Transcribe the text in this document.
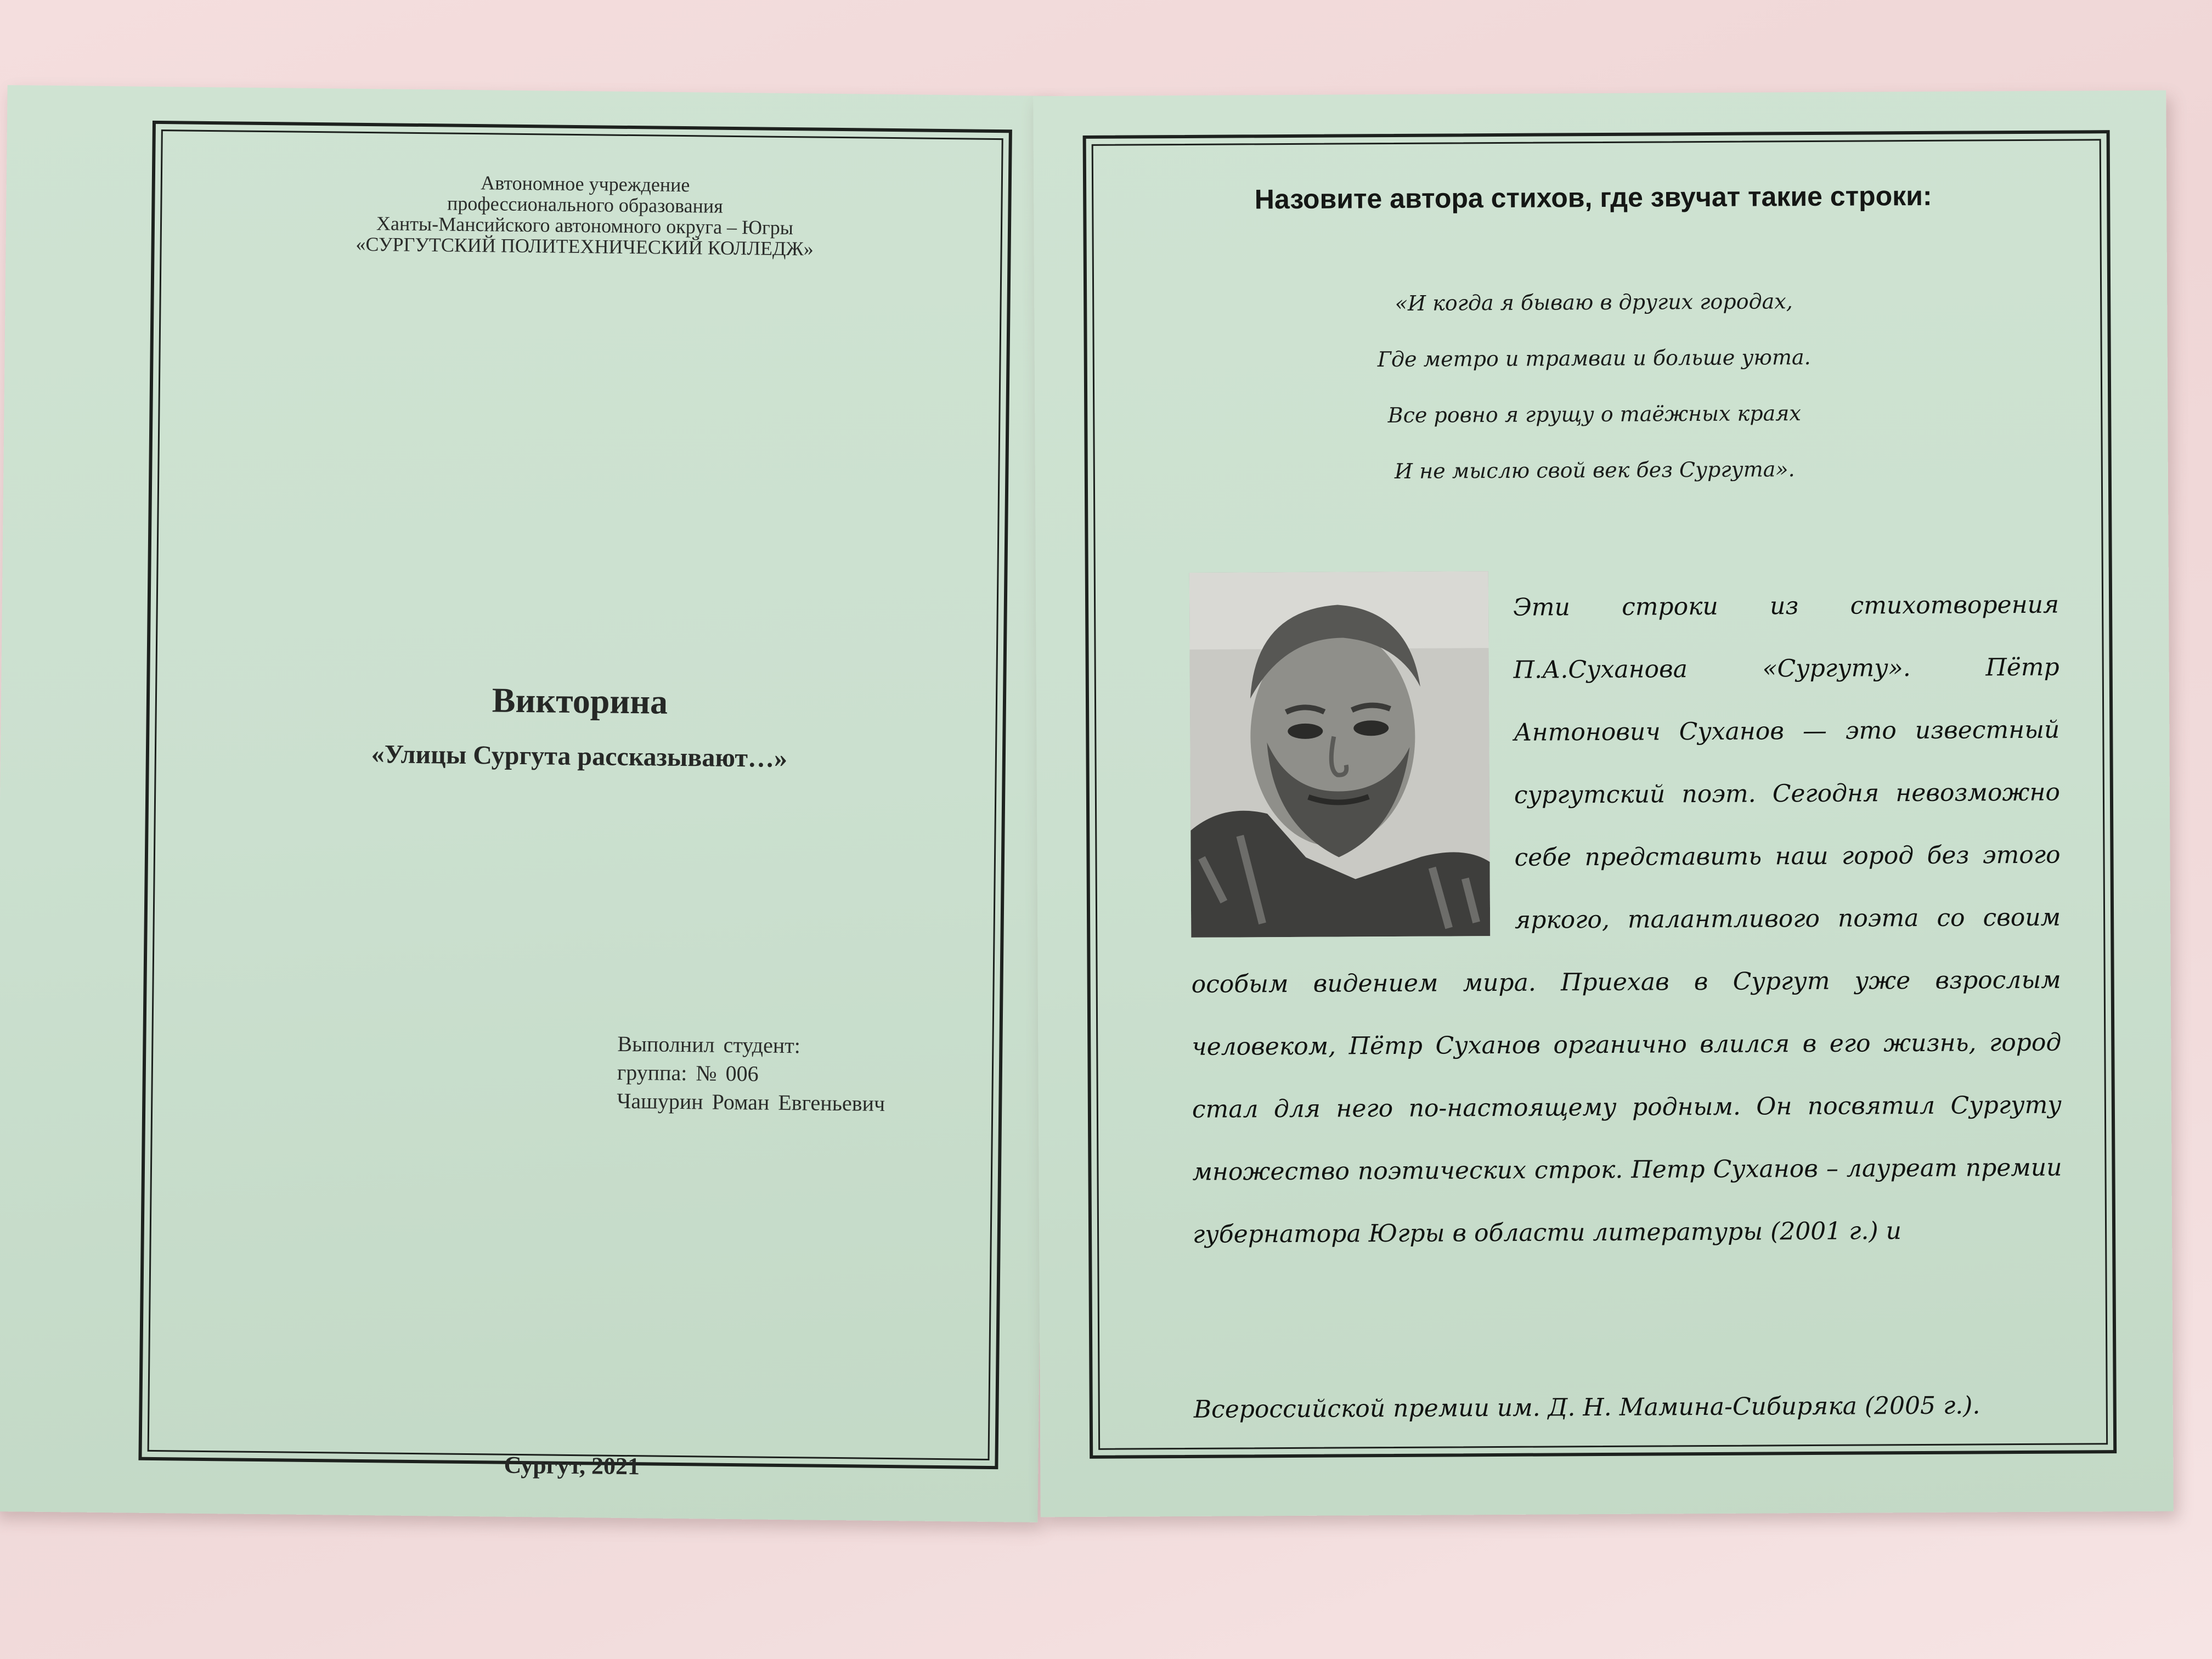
Автономное учреждение
профессионального образования
Ханты-Мансийского автономного округа – Югры
«СУРГУТСКИЙ ПОЛИТЕХНИЧЕСКИЙ КОЛЛЕДЖ»
Викторина
«Улицы Сургута рассказывают…»
Выполнил студент:
группа: № 006
Чашурин Роман Евгеньевич
Сургут, 2021
Назовите автора стихов, где звучат такие строки:
«И когда я бываю в других городах,
Где метро и трамваи и больше уюта.
Все ровно я грущу о таёжных краях
И не мыслю свой век без Сургута».

Эти строки из стихотворения П.А.Суханова «Сургуту». Пётр Антонович Суханов — это известный сургутский поэт. Сегодня невозможно себе представить наш город без этого яркого, талантливого поэта со своим особым видением мира. Приехав в Сургут уже взрослым человеком, Пётр Суханов органично влился в его жизнь, город стал для него по-настоящему родным. Он посвятил Сургуту множество поэтических строк. Петр Суханов – лауреат премии губернатора Югры в области литературы (2001 г.) и

Всероссийской премии им. Д. Н. Мамина-Сибиряка (2005 г.).
